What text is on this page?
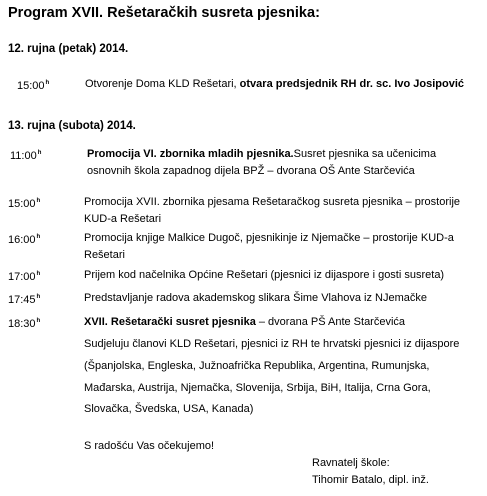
Program XVII. Rešetaračkih susreta pjesnika:
12. rujna (petak) 2014.
15:00$^h$	Otvorenje Doma KLD Rešetari, otvara predsjednik RH dr. sc. Ivo Josipović
13. rujna (subota) 2014.
11:00$^h$	Promocija VI. zbornika mladih pjesnika.Susret pjesnika sa učenicima
osnovnih škola zapadnog dijela BPŽ – dvorana OŠ Ante Starčevića
15:00$^h$	Promocija XVII. zbornika pjesama Rešetaračkog susreta pjesnika – prostorije
KUD-a Rešetari
16:00$^h$	Promocija knjige Malkice Dugoč, pjesnikinje iz Njemačke – prostorije KUD-a
Rešetari
17:00$^h$	Prijem kod načelnika Općine Rešetari (pjesnici iz dijaspore i gosti susreta)
17:45$^h$	Predstavljanje radova akademskog slikara Šime Vlahova iz NJemačke
18:30$^h$	XVII. Rešetarački susret pjesnika – dvorana PŠ Ante Starčevića
Sudjeluju članovi KLD Rešetari, pjesnici iz RH te hrvatski pjesnici iz dijaspore
(Španjolska, Engleska, Južnoafrička Republika, Argentina, Rumunjska,
Mađarska, Austrija, Njemačka, Slovenija, Srbija, BiH, Italija, Crna Gora,
Slovačka, Švedska, USA, Kanada)
S radošću Vas očekujemo!
Ravnatelj škole:
Tihomir Batalo, dipl. inž.
